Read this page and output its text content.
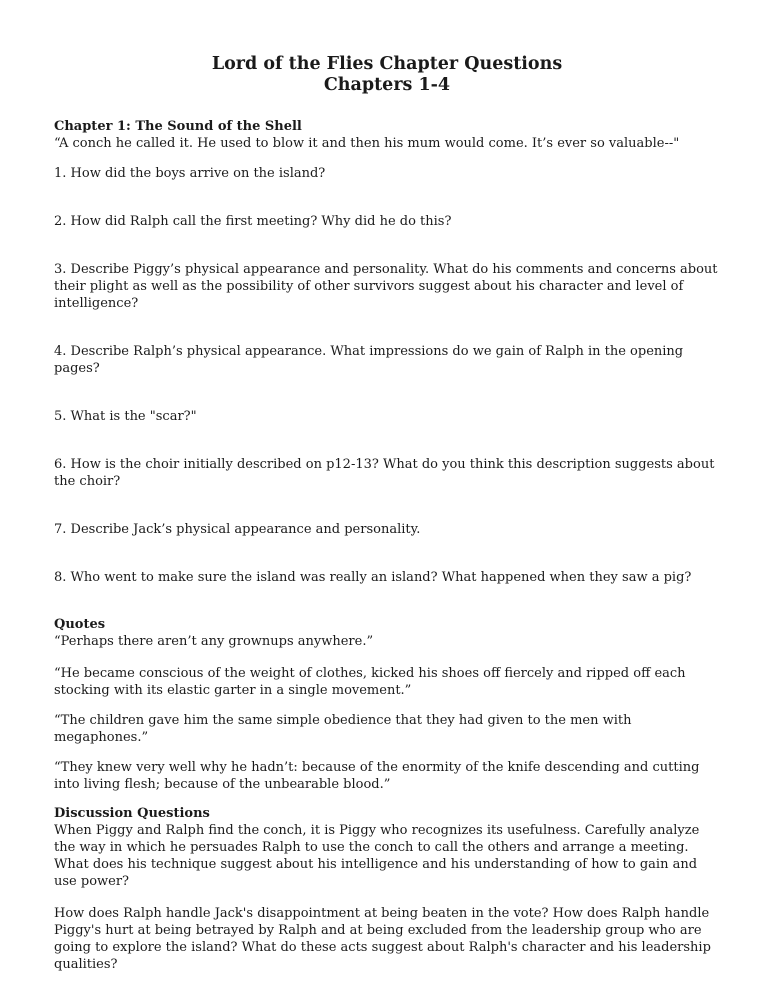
Lord of the Flies Chapter Questions
Chapters 1-4

Chapter 1: The Sound of the Shell

“A conch he called it. He used to blow it and then his mum would come. It’s ever so valuable--"

1. How did the boys arrive on the island?

2. How did Ralph call the first meeting? Why did he do this?

3. Describe Piggy’s physical appearance and personality. What do his comments and concerns about their plight as well as the possibility of other survivors suggest about his character and level of intelligence?

4. Describe Ralph’s physical appearance. What impressions do we gain of Ralph in the opening pages?

5. What is the "scar?"

6. How is the choir initially described on p12-13? What do you think this description suggests about the choir?

7. Describe Jack’s physical appearance and personality.

8. Who went to make sure the island was really an island? What happened when they saw a pig?

Quotes

“Perhaps there aren’t any grownups anywhere.”

“He became conscious of the weight of clothes, kicked his shoes off fiercely and ripped off each stocking with its elastic garter in a single movement.”

“The children gave him the same simple obedience that they had given to the men with megaphones.”

“They knew very well why he hadn’t: because of the enormity of the knife descending and cutting into living flesh; because of the unbearable blood.”

Discussion Questions

When Piggy and Ralph find the conch, it is Piggy who recognizes its usefulness. Carefully analyze the way in which he persuades Ralph to use the conch to call the others and arrange a meeting. What does his technique suggest about his intelligence and his understanding of how to gain and use power?

How does Ralph handle Jack's disappointment at being beaten in the vote? How does Ralph handle Piggy's hurt at being betrayed by Ralph and at being excluded from the leadership group who are going to explore the island? What do these acts suggest about Ralph's character and his leadership qualities?
